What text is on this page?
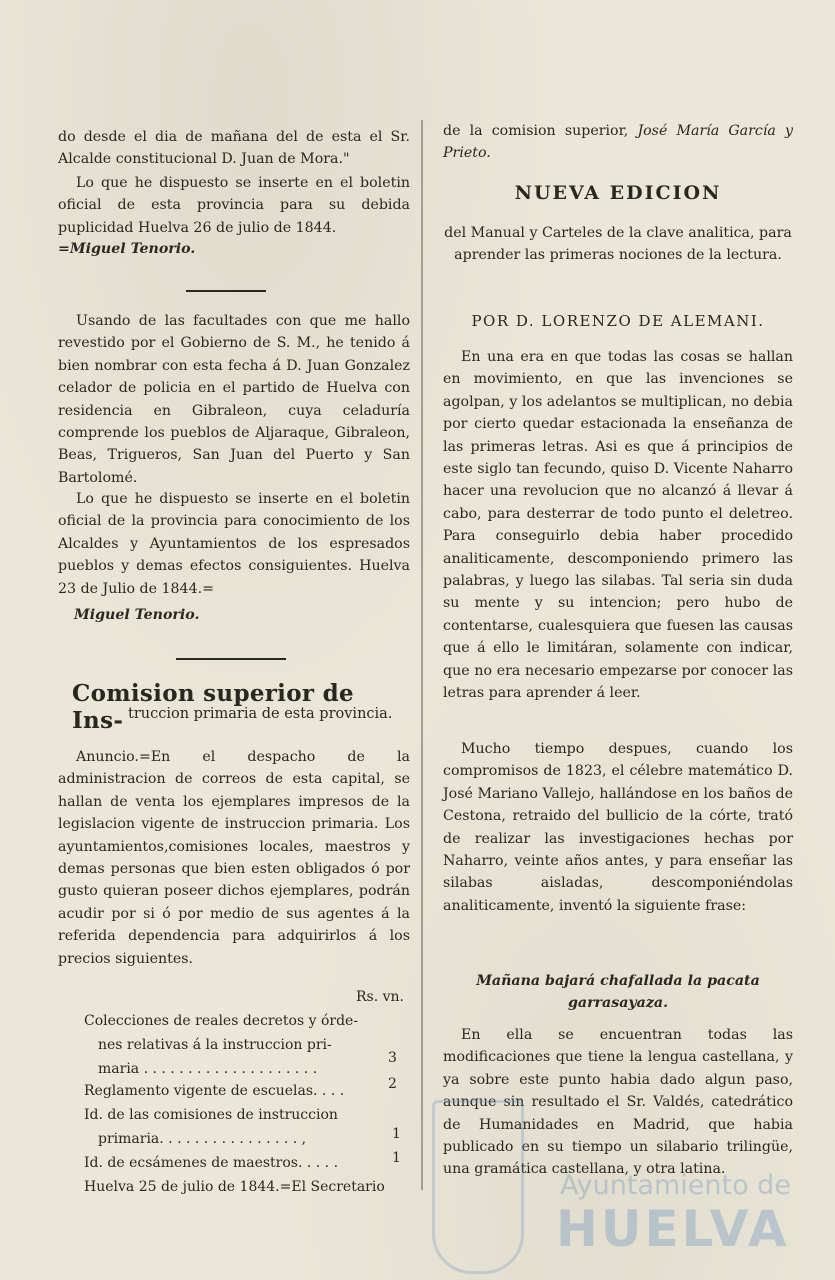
do desde el dia de mañana del de esta el Sr. Alcalde constitucional D. Juan de Mora."

Lo que he dispuesto se inserte en el boletin oficial de esta provincia para su debida puplicidad Huelva 26 de julio de 1844.

=Miguel Tenorio.

Usando de las facultades con que me hallo revestido por el Gobierno de S. M., he tenido á bien nombrar con esta fecha á D. Juan Gonzalez celador de policia en el partido de Huelva con residencia en Gibraleon, cuya celaduría comprende los pueblos de Aljaraque, Gibraleon, Beas, Trigueros, San Juan del Puerto y San Bartolomé.

Lo que he dispuesto se inserte en el boletin oficial de la provincia para conocimiento de los Alcaldes y Ayuntamientos de los espresados pueblos y demas efectos consiguientes. Huelva 23 de Julio de 1844.=

Miguel Tenorio.

Comision superior de Ins- truccion primaria de esta provincia.

Anuncio.=En el despacho de la administracion de correos de esta capital, se hallan de venta los ejemplares impresos de la legislacion vigente de instruccion primaria. Los ayuntamientos,comisiones locales, maestros y demas personas que bien esten obligados ó por gusto quieran poseer dichos ejemplares, podrán acudir por si ó por medio de sus agentes á la referida dependencia para adquirirlos á los precios siguientes.

Rs. vn.
Colecciones de reales decretos y órde-
nes relativas á la instruccion pri-
maria . . . . . . . . . . . . . . . . . . . .
3
Reglamento vigente de escuelas. . . .	2
Id. de las comisiones de instruccion
primaria. . . . . . . . . . . . . . . . ,	1
Id. de ecsámenes de maestros. . . . .	1
Huelva 25 de julio de 1844.=El Secretario

de la comision superior, José María García y Prieto.

NUEVA EDICION

del Manual y Carteles de la clave analitica, para aprender las primeras nociones de la lectura.

POR D. LORENZO DE ALEMANI.

En una era en que todas las cosas se hallan en movimiento, en que las invenciones se agolpan, y los adelantos se multiplican, no debia por cierto quedar estacionada la enseñanza de las primeras letras. Asi es que á principios de este siglo tan fecundo, quiso D. Vicente Naharro hacer una revolucion que no alcanzó á llevar á cabo, para desterrar de todo punto el deletreo. Para conseguirlo debia haber procedido analiticamente, descomponiendo primero las palabras, y luego las silabas. Tal seria sin duda su mente y su intencion; pero hubo de contentarse, cualesquiera que fuesen las causas que á ello le limitáran, solamente con indicar, que no era necesario empezarse por conocer las letras para aprender á leer.

Mucho tiempo despues, cuando los compromisos de 1823, el célebre matemático D. José Mariano Vallejo, hallándose en los baños de Cestona, retraido del bullicio de la córte, trató de realizar las investigaciones hechas por Naharro, veinte años antes, y para enseñar las silabas aisladas, descomponiéndolas analiticamente, inventó la siguiente frase:

Mañana bajará chafallada la pacata garrasayaza.

En ella se encuentran todas las modificaciones que tiene la lengua castellana, y ya sobre este punto habia dado algun paso, aunque sin resultado el Sr. Valdés, catedrático de Humanidades en Madrid, que habia publicado en su tiempo un silabario trilingüe, una gramática castellana, y otra latina.

Ayuntamiento de
HUELVA
